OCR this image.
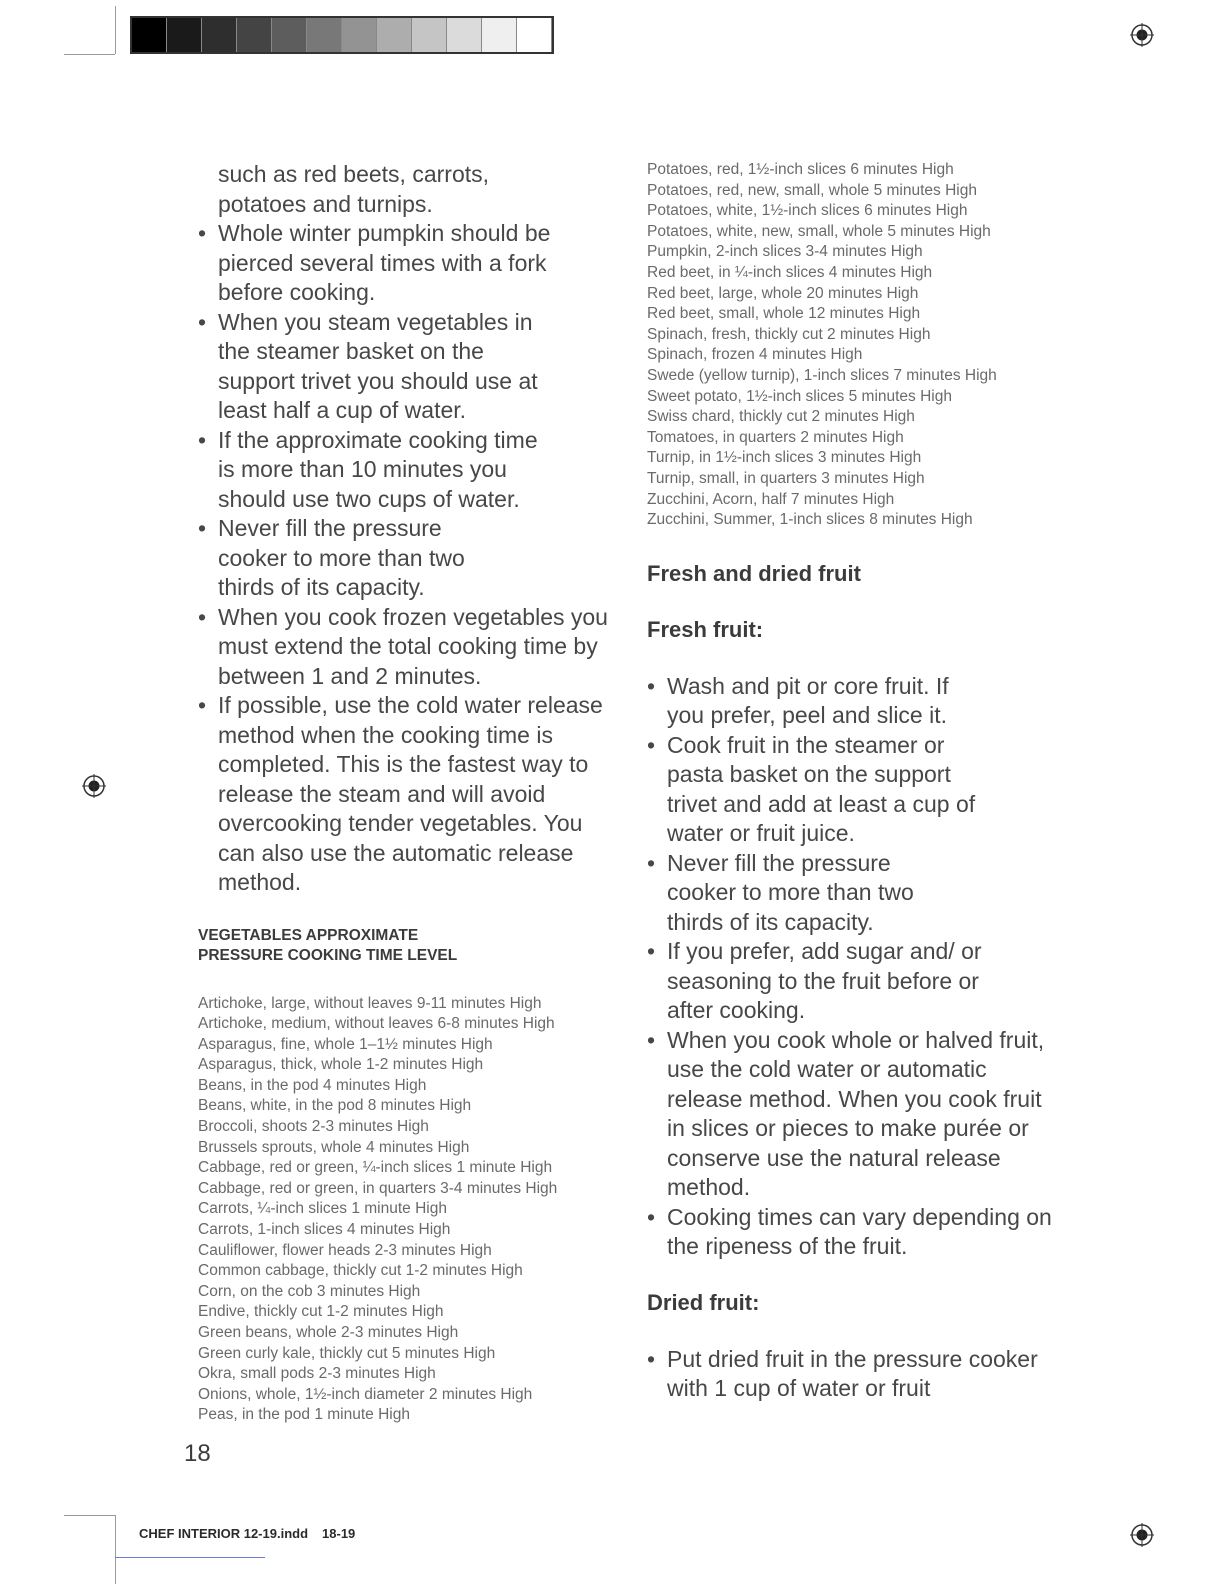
such as red beets, carrots,
potatoes and turnips.

• Whole winter pumpkin should be pierced several times with a fork before cooking.
• When you steam vegetables in the steamer basket on the support trivet you should use at least half a cup of water.
• If the approximate cooking time is more than 10 minutes you should use two cups of water.
• Never fill the pressure cooker to more than two thirds of its capacity.
• When you cook frozen vegetables you must extend the total cooking time by between 1 and 2 minutes.
• If possible, use the cold water release method when the cooking time is completed. This is the fastest way to release the steam and will avoid overcooking tender vegetables. You can also use the automatic release method.
VEGETABLES APPROXIMATE
PRESSURE COOKING TIME LEVEL
Artichoke, large, without leaves 9-11 minutes High
Artichoke, medium, without leaves 6-8 minutes High
Asparagus, fine, whole 1–1½ minutes High
Asparagus, thick, whole 1-2 minutes High
Beans, in the pod 4 minutes High
Beans, white, in the pod 8 minutes High
Broccoli, shoots 2-3 minutes High
Brussels sprouts, whole 4 minutes High
Cabbage, red or green, ¼-inch slices 1 minute High
Cabbage, red or green, in quarters 3-4 minutes High
Carrots, ¼-inch slices 1 minute High
Carrots, 1-inch slices 4 minutes High
Cauliflower, flower heads 2-3 minutes High
Common cabbage, thickly cut 1-2 minutes High
Corn, on the cob 3 minutes High
Endive, thickly cut 1-2 minutes High
Green beans, whole 2-3 minutes High
Green curly kale, thickly cut 5 minutes High
Okra, small pods 2-3 minutes High
Onions, whole, 1½-inch diameter 2 minutes High
Peas, in the pod 1 minute High
18
Potatoes, red, 1½-inch slices 6 minutes High
Potatoes, red, new, small, whole 5 minutes High
Potatoes, white, 1½-inch slices 6 minutes High
Potatoes, white, new, small, whole 5 minutes High
Pumpkin, 2-inch slices 3-4 minutes High
Red beet, in ¼-inch slices 4 minutes High
Red beet, large, whole 20 minutes High
Red beet, small, whole 12 minutes High
Spinach, fresh, thickly cut 2 minutes High
Spinach, frozen 4 minutes High
Swede (yellow turnip), 1-inch slices 7 minutes High
Sweet potato, 1½-inch slices 5 minutes High
Swiss chard, thickly cut 2 minutes High
Tomatoes, in quarters 2 minutes High
Turnip, in 1½-inch slices 3 minutes High
Turnip, small, in quarters 3 minutes High
Zucchini, Acorn, half 7 minutes High
Zucchini, Summer, 1-inch slices 8 minutes High
Fresh and dried fruit
Fresh fruit:
• Wash and pit or core fruit. If you prefer, peel and slice it.
• Cook fruit in the steamer or pasta basket on the support trivet and add at least a cup of water or fruit juice.
• Never fill the pressure cooker to more than two thirds of its capacity.
• If you prefer, add sugar and/ or seasoning to the fruit before or after cooking.
• When you cook whole or halved fruit, use the cold water or automatic release method. When you cook fruit in slices or pieces to make purée or conserve use the natural release method.
• Cooking times can vary depending on the ripeness of the fruit.
Dried fruit:
• Put dried fruit in the pressure cooker with 1 cup of water or fruit
CHEF INTERIOR 12-19.indd 18-19
